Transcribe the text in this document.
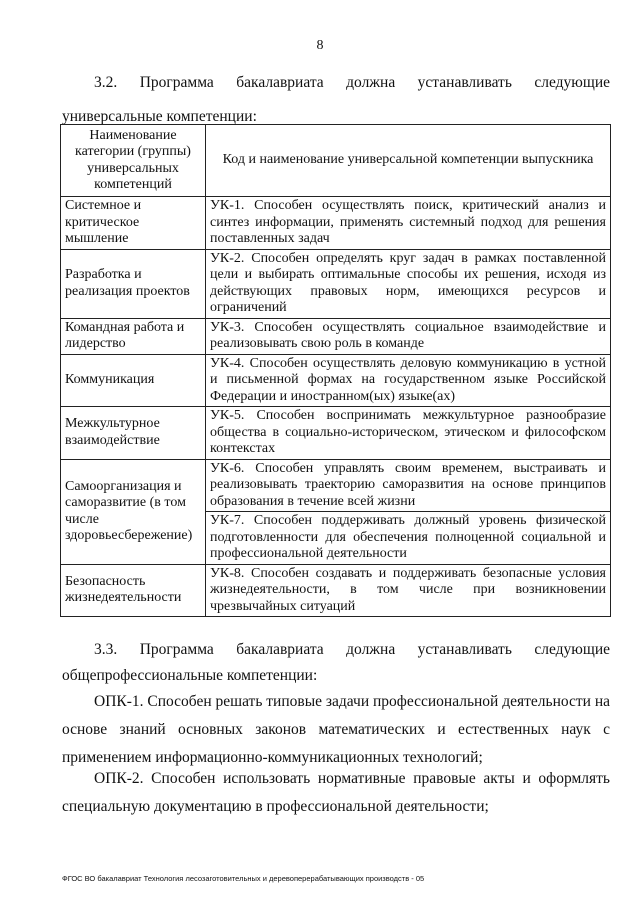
8

3.2. Программа бакалавриата должна устанавливать следующие универсальные компетенции:

Наименование категории (группы) универсальных компетенций	Код и наименование универсальной компетенции выпускника
Системное и критическое мышление	УК-1. Способен осуществлять поиск, критический анализ и синтез информации, применять системный подход для решения поставленных задач
Разработка и реализация проектов	УК-2. Способен определять круг задач в рамках поставленной цели и выбирать оптимальные способы их решения, исходя из действующих правовых норм, имеющихся ресурсов и ограничений
Командная работа и лидерство	УК-3. Способен осуществлять социальное взаимодействие и реализовывать свою роль в команде
Коммуникация	УК-4. Способен осуществлять деловую коммуникацию в устной и письменной формах на государственном языке Российской Федерации и иностранном(ых) языке(ах)
Межкультурное взаимодействие	УК-5. Способен воспринимать межкультурное разнообразие общества в социально-историческом, этическом и философском контекстах
Самоорганизация и саморазвитие (в том числе здоровьесбережение)	УК-6. Способен управлять своим временем, выстраивать и реализовывать траекторию саморазвития на основе принципов образования в течение всей жизни
	УК-7. Способен поддерживать должный уровень физической подготовленности для обеспечения полноценной социальной и профессиональной деятельности
Безопасность жизнедеятельности	УК-8. Способен создавать и поддерживать безопасные условия жизнедеятельности, в том числе при возникновении чрезвычайных ситуаций

3.3. Программа бакалавриата должна устанавливать следующие общепрофессиональные компетенции:

ОПК-1. Способен решать типовые задачи профессиональной деятельности на основе знаний основных законов математических и естественных наук с применением информационно-коммуникационных технологий;

ОПК-2. Способен использовать нормативные правовые акты и оформлять специальную документацию в профессиональной деятельности;

ФГОС ВО бакалавриат Технология лесозаготовительных и деревоперерабатывающих производств - 05
